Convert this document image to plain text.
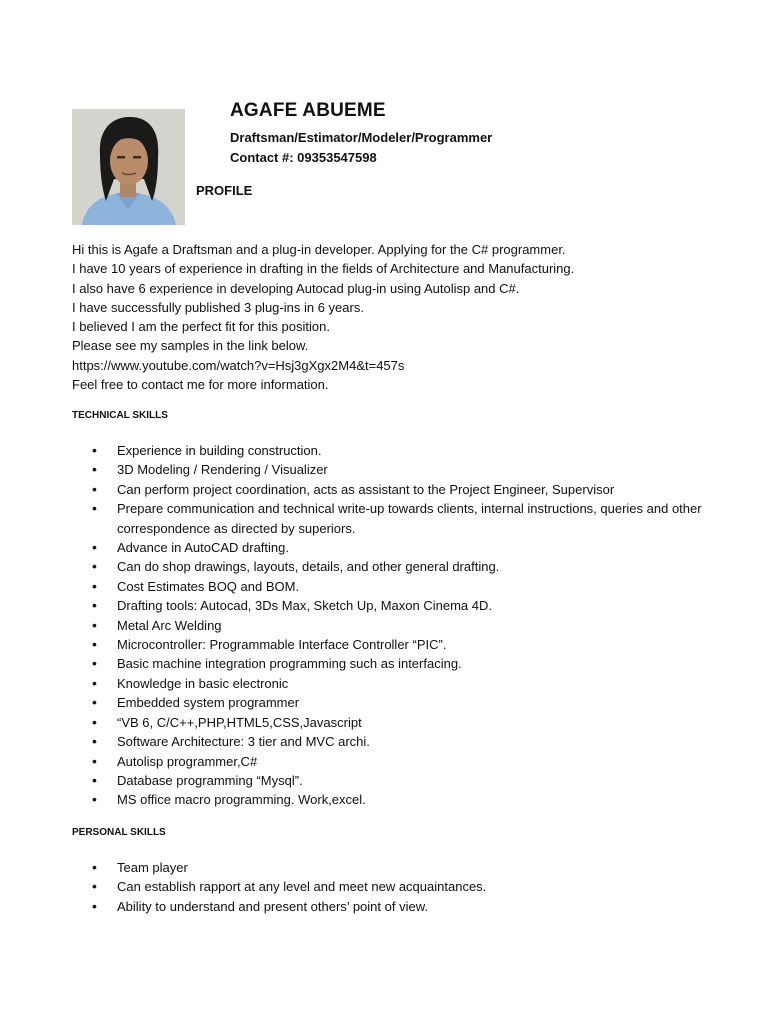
AGAFE ABUEME
Draftsman/Estimator/Modeler/Programmer
Contact #: 09353547598
PROFILE
Hi this is Agafe a Draftsman and a plug-in developer. Applying for the C# programmer.
I have 10 years of experience in drafting in the fields of Architecture and Manufacturing.
I also have 6 experience in developing Autocad plug-in using Autolisp and C#.
I have successfully published 3 plug-ins in 6 years.
I believed I am the perfect fit for this position.
Please see my samples in the link below.
https://www.youtube.com/watch?v=Hsj3gXgx2M4&t=457s
Feel free to contact me for more information.
TECHNICAL SKILLS
• Experience in building construction.
• 3D Modeling / Rendering / Visualizer
• Can perform project coordination, acts as assistant to the Project Engineer, Supervisor
• Prepare communication and technical write-up towards clients, internal instructions, queries and other correspondence as directed by superiors.
• Advance in AutoCAD drafting.
• Can do shop drawings, layouts, details, and other general drafting.
• Cost Estimates BOQ and BOM.
• Drafting tools: Autocad, 3Ds Max, Sketch Up, Maxon Cinema 4D.
• Metal Arc Welding
• Microcontroller: Programmable Interface Controller “PIC”.
• Basic machine integration programming such as interfacing.
• Knowledge in basic electronic
• Embedded system programmer
• “VB 6, C/C++,PHP,HTML5,CSS,Javascript
• Software Architecture: 3 tier and MVC archi.
• Autolisp programmer,C#
• Database programming “Mysql”.
• MS office macro programming. Work,excel.
PERSONAL SKILLS
• Team player
• Can establish rapport at any level and meet new acquaintances.
• Ability to understand and present others’ point of view.
